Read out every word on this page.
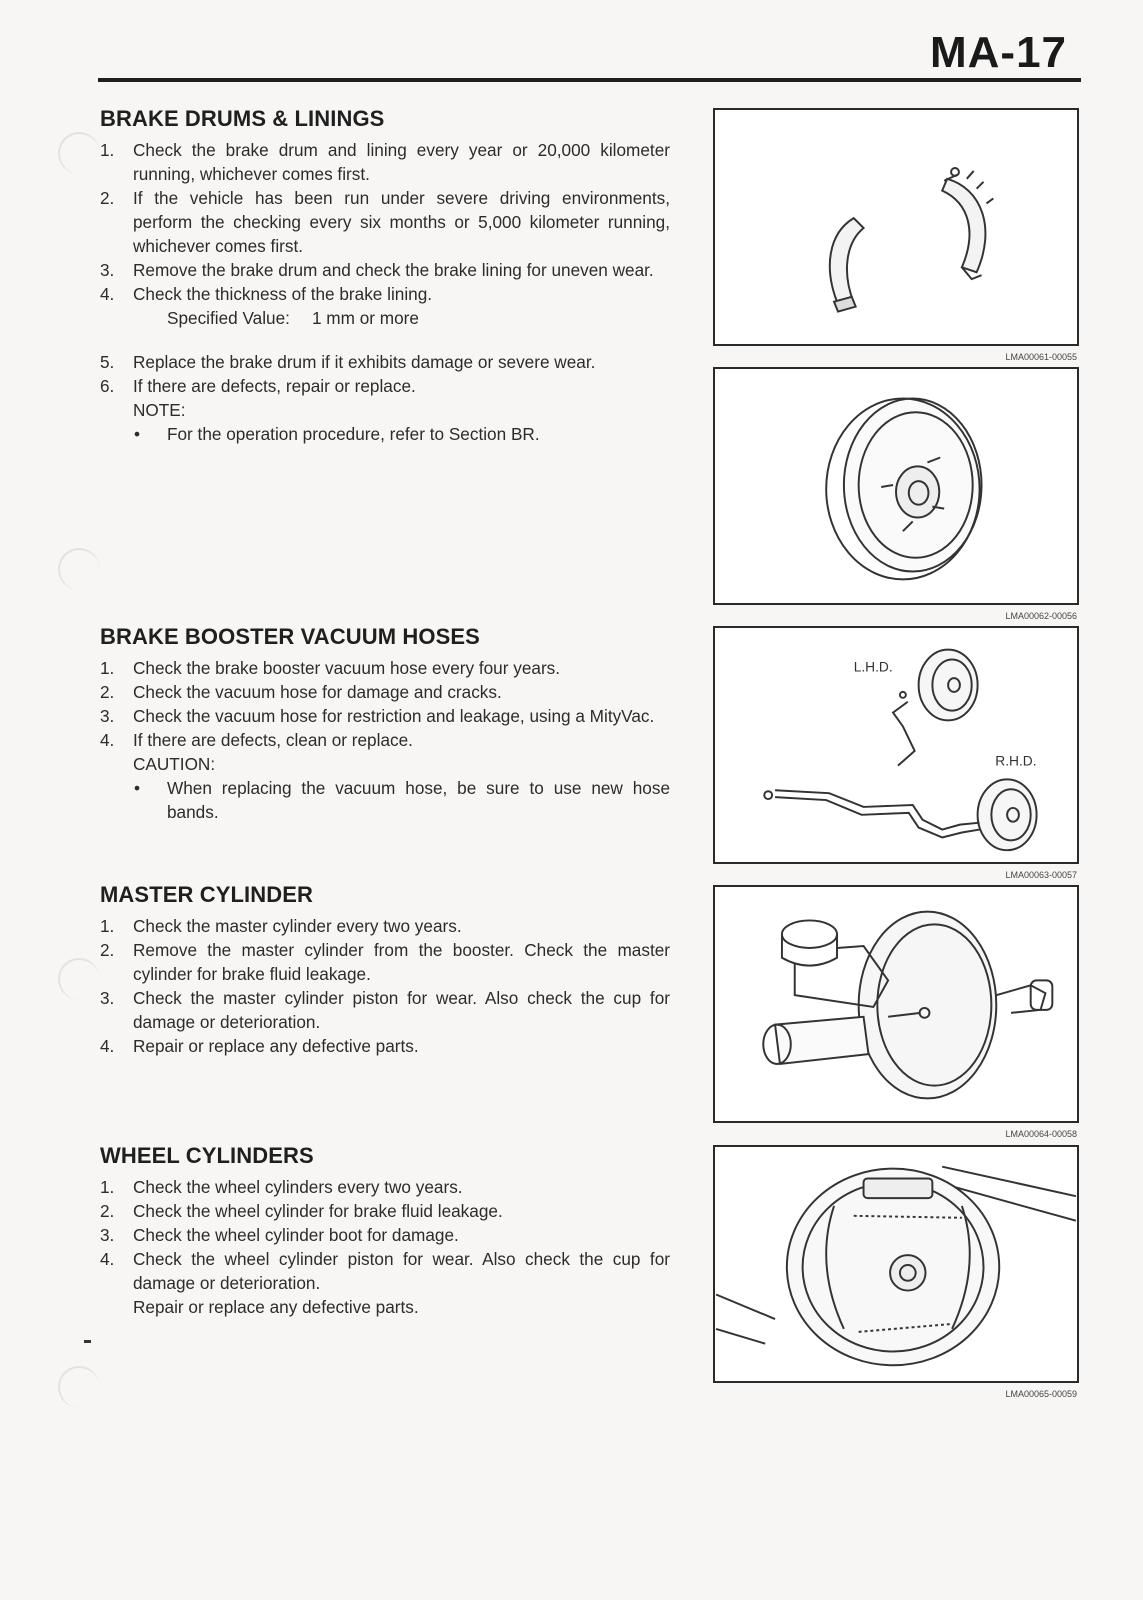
MA-17
BRAKE DRUMS & LININGS
1. Check the brake drum and lining every year or 20,000 kilometer running, whichever comes first.
2. If the vehicle has been run under severe driving environments, perform the checking every six months or 5,000 kilometer running, whichever comes first.
3. Remove the brake drum and check the brake lining for uneven wear.
4. Check the thickness of the brake lining.
Specified Value: 1 mm or more
5. Replace the brake drum if it exhibits damage or severe wear.
6. If there are defects, repair or replace.
NOTE:
• For the operation procedure, refer to Section BR.
BRAKE BOOSTER VACUUM HOSES
1. Check the brake booster vacuum hose every four years.
2. Check the vacuum hose for damage and cracks.
3. Check the vacuum hose for restriction and leakage, using a MityVac.
4. If there are defects, clean or replace.
CAUTION:
• When replacing the vacuum hose, be sure to use new hose bands.
MASTER CYLINDER
1. Check the master cylinder every two years.
2. Remove the master cylinder from the booster. Check the master cylinder for brake fluid leakage.
3. Check the master cylinder piston for wear. Also check the cup for damage or deterioration.
4. Repair or replace any defective parts.
WHEEL CYLINDERS
1. Check the wheel cylinders every two years.
2. Check the wheel cylinder for brake fluid leakage.
3. Check the wheel cylinder boot for damage.
4. Check the wheel cylinder piston for wear. Also check the cup for damage or deterioration.
Repair or replace any defective parts.
LMA00061-00055
LMA00062-00056
L.H.D.
R.H.D.
LMA00063-00057
LMA00064-00058
LMA00065-00059
